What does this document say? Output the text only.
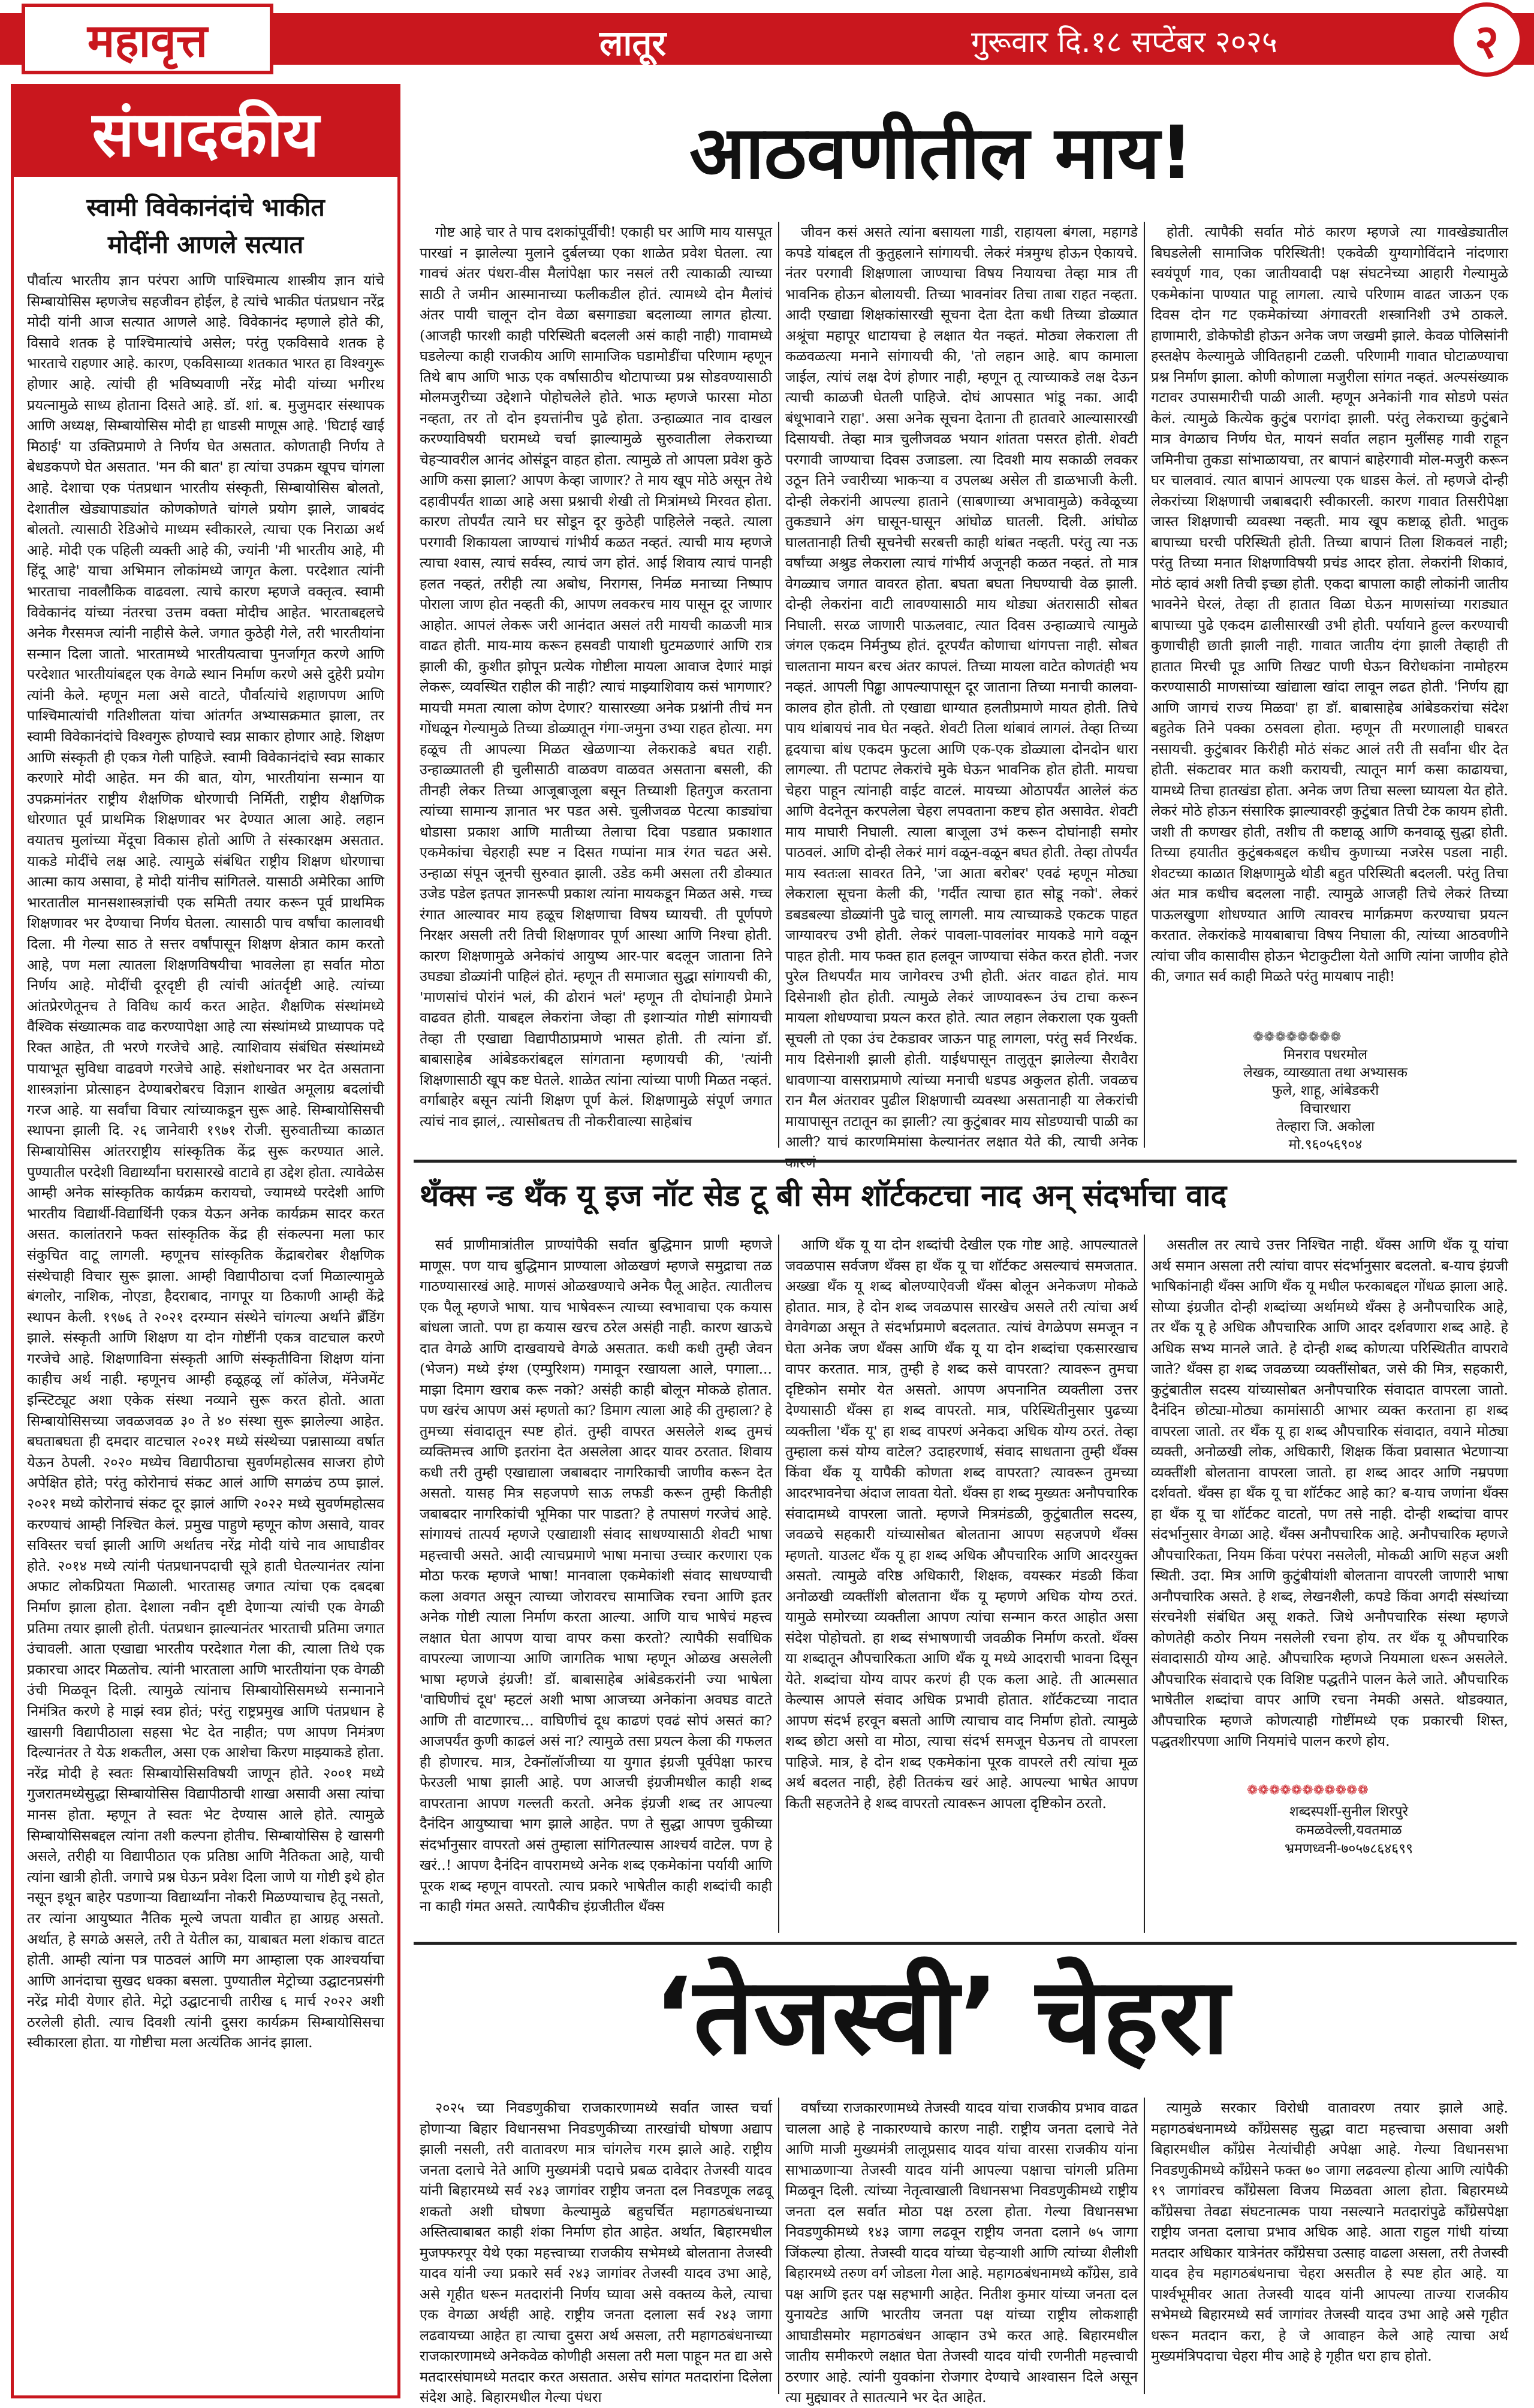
महावृत्त	लातूर	गुरूवार दि.१८ सप्टेंबर २०२५	२
संपादकीय
स्वामी विवेकानंदांचे भाकीत
मोदींनी आणले सत्यात
पौर्वात्य भारतीय ज्ञान परंपरा आणि पाश्चिमात्य शास्त्रीय ज्ञान यांचे सिम्बायोसिस म्हणजेच सहजीवन होईल, हे त्यांचे भाकीत पंतप्रधान नरेंद्र मोदी यांनी आज सत्यात आणले आहे. विवेकानंद म्हणाले होते की, विसावे शतक हे पाश्चिमात्यांचे असेल; परंतु एकविसावे शतक हे भारताचे राहणार आहे. कारण, एकविसाव्या शतकात भारत हा विश्वगुरू होणार आहे. त्यांची ही भविष्यवाणी नरेंद्र मोदी यांच्या भगीरथ प्रयत्नामुळे साध्य होताना दिसते आहे. डॉ. शां. ब. मुजुमदार संस्थापक आणि अध्यक्ष, सिम्बायोसिस मोदी हा धाडसी माणूस आहे. 'घिटाई खाई मिठाई' या उक्तिप्रमाणे ते निर्णय घेत असतात. कोणताही निर्णय ते बेधडकपणे घेत असतात. 'मन की बात' हा त्यांचा उपक्रम खूपच चांगला आहे. देशाचा एक पंतप्रधान भारतीय संस्कृती, सिम्बायोसिस बोलतो, देशातील खेड्यापाड्यांत कोणकोणते चांगले प्रयोग झाले, जाबवंद बोलतो. त्यासाठी रेडिओचे माध्यम स्वीकारले, त्याचा एक निराळा अर्थ आहे. मोदी एक पहिली व्यक्ती आहे की, ज्यांनी 'मी भारतीय आहे, मी हिंदू आहे' याचा अभिमान लोकांमध्ये जागृत केला. परदेशात त्यांनी भारताचा नावलौकिक वाढवला. त्याचे कारण म्हणजे वक्तृत्व. स्वामी विवेकानंद यांच्या नंतरचा उत्तम वक्ता मोदीच आहेत. भारताबद्दलचे अनेक गैरसमज त्यांनी नाहीसे केले. जगात कुठेही गेले, तरी भारतीयांना सन्मान दिला जातो. भारतामध्ये भारतीयत्वाचा पुनर्जागृत करणे आणि परदेशात भारतीयांबद्दल एक वेगळे स्थान निर्माण करणे असे दुहेरी प्रयोग त्यांनी केले. म्हणून मला असे वाटते, पौर्वात्यांचे शहाणपण आणि पाश्चिमात्यांची गतिशीलता यांचा आंतर्गत अभ्यासक्रमात झाला, तर स्वामी विवेकानंदांचे विश्वगुरू होण्याचे स्वप्न साकार होणार आहे. शिक्षण आणि संस्कृती ही एकत्र गेली पाहिजे. स्वामी विवेकानंदांचे स्वप्न साकार करणारे मोदी आहेत. मन की बात, योग, भारतीयांना सन्मान या उपक्रमांनंतर राष्ट्रीय शैक्षणिक धोरणाची निर्मिती, राष्ट्रीय शैक्षणिक धोरणात पूर्व प्राथमिक शिक्षणावर भर देण्यात आला आहे. लहान वयातच मुलांच्या मेंदूचा विकास होतो आणि ते संस्कारक्षम असतात. याकडे मोदींचे लक्ष आहे. त्यामुळे संबंधित राष्ट्रीय शिक्षण धोरणाचा आत्मा काय असावा, हे मोदी यांनीच सांगितले. यासाठी अमेरिका आणि भारतातील मानसशास्त्रज्ञांची एक समिती तयार करून पूर्व प्राथमिक शिक्षणावर भर देण्याचा निर्णय घेतला. त्यासाठी पाच वर्षांचा कालावधी दिला. मी गेल्या साठ ते सत्तर वर्षांपासून शिक्षण क्षेत्रात काम करतो आहे, पण मला त्यातला शिक्षणविषयीचा भावलेला हा सर्वात मोठा निर्णय आहे. मोदींची दूरदृष्टी ही त्यांची आंतर्दृष्टी आहे. त्यांच्या आंतप्रेरणेतूनच ते विविध कार्य करत आहेत. शैक्षणिक संस्थांमध्ये वैश्विक संख्यात्मक वाढ करण्यापेक्षा आहे त्या संस्थांमध्ये प्राध्यापक पदे रिक्त आहेत, ती भरणे गरजेचे आहे. त्याशिवाय संबंधित संस्थांमध्ये पायाभूत सुविधा वाढवणे गरजेचे आहे. संशोधनावर भर देत असताना शास्त्रज्ञांना प्रोत्साहन देण्याबरोबरच विज्ञान शाखेत अमूलाग्र बदलांची गरज आहे. या सर्वांचा विचार त्यांच्याकडून सुरू आहे. सिम्बायोसिसची स्थापना झाली दि. २६ जानेवारी १९७१ रोजी. सुरुवातीच्या काळात सिम्बायोसिस आंतरराष्ट्रीय सांस्कृतिक केंद्र सुरू करण्यात आले. पुण्यातील परदेशी विद्यार्थ्यांना घरासारखे वाटावे हा उद्देश होता. त्यावेळेस आम्ही अनेक सांस्कृतिक कार्यक्रम करायचो, ज्यामध्ये परदेशी आणि भारतीय विद्यार्थी-विद्यार्थिनी एकत्र येऊन अनेक कार्यक्रम सादर करत असत. कालांतराने फक्त सांस्कृतिक केंद्र ही संकल्पना मला फार संकुचित वाटू लागली. म्हणूनच सांस्कृतिक केंद्राबरोबर शैक्षणिक संस्थेचाही विचार सुरू झाला. आम्ही विद्यापीठाचा दर्जा मिळाल्यामुळे बंगलोर, नाशिक, नोएडा, हैदराबाद, नागपूर या ठिकाणी आम्ही केंद्रे स्थापन केली. १९७६ ते २०२१ दरम्यान संस्थेने चांगल्या अर्थाने ब्रँडिंग झाले. संस्कृती आणि शिक्षण या दोन गोष्टींनी एकत्र वाटचाल करणे गरजेचे आहे. शिक्षणाविना संस्कृती आणि संस्कृतीविना शिक्षण यांना काहीच अर्थ नाही. म्हणूनच आम्ही हळूहळू लॉ कॉलेज, मॅनेजमेंट इन्स्टिट्यूट अशा एकेक संस्था नव्याने सुरू करत होतो. आता सिम्बायोसिसच्या जवळजवळ ३० ते ४० संस्था सुरू झालेल्या आहेत. बघताबघता ही दमदार वाटचाल २०२१ मध्ये संस्थेच्या पन्नासाव्या वर्षात येऊन ठेपली. २०२० मध्येच विद्यापीठाचा सुवर्णमहोत्सव साजरा होणे अपेक्षित होते; परंतु कोरोनाचं संकट आलं आणि सगळंच ठप्प झालं. २०२१ मध्ये कोरोनाचं संकट दूर झालं आणि २०२२ मध्ये सुवर्णमहोत्सव करण्याचं आम्ही निश्चित केलं. प्रमुख पाहुणे म्हणून कोण असावे, यावर सविस्तर चर्चा झाली आणि अर्थातच नरेंद्र मोदी यांचे नाव आघाडीवर होते. २०१४ मध्ये त्यांनी पंतप्रधानपदाची सूत्रे हाती घेतल्यानंतर त्यांना अफाट लोकप्रियता मिळाली. भारतासह जगात त्यांचा एक दबदबा निर्माण झाला होता. देशाला नवीन दृष्टी देणाऱ्या त्यांची एक वेगळी प्रतिमा तयार झाली होती. पंतप्रधान झाल्यानंतर भारताची प्रतिमा जगात उंचावली. आता एखाद्या भारतीय परदेशात गेला की, त्याला तिथे एक प्रकारचा आदर मिळतोच. त्यांनी भारताला आणि भारतीयांना एक वेगळी उंची मिळवून दिली. त्यामुळे त्यांनाच सिम्बायोसिसमध्ये सन्मानाने निमंत्रित करणे हे माझं स्वप्न होतं; परंतु राष्ट्रप्रमुख आणि पंतप्रधान हे खासगी विद्यापीठाला सहसा भेट देत नाहीत; पण आपण निमंत्रण दिल्यानंतर ते येऊ शकतील, असा एक आशेचा किरण माझ्याकडे होता. नरेंद्र मोदी हे स्वतः सिम्बायोसिसविषयी जाणून होते. २००१ मध्ये गुजरातमध्येसुद्धा सिम्बायोसिस विद्यापीठाची शाखा असावी असा त्यांचा मानस होता. म्हणून ते स्वतः भेट देण्यास आले होते. त्यामुळे सिम्बायोसिसबद्दल त्यांना तशी कल्पना होतीच. सिम्बायोसिस हे खासगी असले, तरीही या विद्यापीठात एक प्रतिष्ठा आणि नैतिकता आहे, याची त्यांना खात्री होती. जगाचे प्रश्न घेऊन प्रवेश दिला जाणे या गोष्टी इथे होत नसून इथून बाहेर पडणाऱ्या विद्यार्थ्यांना नोकरी मिळण्याचाच हेतू नसतो, तर त्यांना आयुष्यात नैतिक मूल्ये जपता यावीत हा आग्रह असतो. अर्थात, हे सगळे असले, तरी ते येतील का, याबाबत मला शंकाच वाटत होती. आम्ही त्यांना पत्र पाठवलं आणि मग आम्हाला एक आश्चर्याचा आणि आनंदाचा सुखद धक्का बसला. पुण्यातील मेट्रोच्या उद्घाटनप्रसंगी नरेंद्र मोदी येणार होते. मेट्रो उद्घाटनाची तारीख ६ मार्च २०२२ अशी ठरलेली होती. त्याच दिवशी त्यांनी दुसरा कार्यक्रम सिम्बायोसिसचा स्वीकारला होता. या गोष्टीचा मला अत्यंतिक आनंद झाला.
आठवणीतील माय!

गोष्ट आहे चार ते पाच दशकांपूर्वीची! एकाही घर आणि माय यासपूत पारखां न झालेल्या मुलाने दुर्बलच्या एका शाळेत प्रवेश घेतला. त्या गावचं अंतर पंधरा-वीस मैलांपेक्षा फार नसलं तरी त्याकाळी त्याच्या साठी ते जमीन आस्मानाच्या फलीकडील होतं. त्यामध्ये दोन मैलांचं अंतर पायी चालून दोन वेळा बसगाड्या बदलाव्या लागत होत्या. (आजही फारशी काही परिस्थिती बदलली असं काही नाही) गावामध्ये घडलेल्या काही राजकीय आणि सामाजिक घडामोडींचा परिणाम म्हणून तिथे बाप आणि भाऊ एक वर्षासाठीच थोटापाच्या प्रश्न सोडवण्यासाठी मोलमजुरीच्या उद्देशाने पोहोचलेले होते. भाऊ म्हणजे फारसा मोठा नव्हता, तर तो दोन इयत्तांनीच पुढे होता. उन्हाळ्यात नाव दाखल करण्याविषयी घरामध्ये चर्चा झाल्यामुळे सुरुवातीला लेकराच्या चेहऱ्यावरील आनंद ओसंडून वाहत होता. त्यामुळे तो आपला प्रवेश कुठे आणि कसा झाला? आपण केव्हा जाणार? ते माय खूप मोठे असून तेथे दहावीपर्यंत शाळा आहे असा प्रश्नाची शेखी तो मित्रांमध्ये मिरवत होता. कारण तोपर्यंत त्याने घर सोडून दूर कुठेही पाहिलेले नव्हते. त्याला परगावी शिकायला जाण्याचं गांभीर्य कळत नव्हतं. त्याची माय म्हणजे त्याचा श्वास, त्याचं सर्वस्व, त्याचं जग होतं. आई शिवाय त्याचं पानही हलत नव्हतं, तरीही त्या अबोध, निरागस, निर्मळ मनाच्या निष्पाप पोराला जाण होत नव्हती की, आपण लवकरच माय पासून दूर जाणार आहोत. आपलं लेकरू जरी आनंदात असलं तरी मायची काळजी मात्र वाढत होती. माय-माय करून हसवडी पायाशी घुटमळणारं आणि रात्र झाली की, कुशीत झोपून प्रत्येक गोष्टीला मायला आवाज देणारं माझं लेकरू, व्यवस्थित राहील की नाही? त्याचं माझ्याशिवाय कसं भागणार? मायची ममता त्याला कोण देणार? यासारख्या अनेक प्रश्नांनी तीचं मन गोंधळून गेल्यामुळे तिच्या डोळ्यातून गंगा-जमुना उभ्या राहत होत्या. मग हळूच ती आपल्या मिळत खेळणाऱ्या लेकराकडे बघत राही. उन्हाळ्यातली ही चुलीसाठी वाळवण वाळवत असताना बसली, की तीनही लेकर तिच्या आजूबाजूला बसून तिच्याशी हितगुज करताना त्यांच्या सामान्य ज्ञानात भर पडत असे. चुलीजवळ पेटत्या काड्यांचा धोडासा प्रकाश आणि मातीच्या तेलाचा दिवा पडद्यात प्रकाशात एकमेकांचा चेहराही स्पष्ट न दिसत गप्पांना मात्र रंगत चढत असे. उन्हाळा संपून जूनची सुरुवात झाली. उडेड कमी असला तरी डोक्यात उजेड पडेल इतपत ज्ञानरूपी प्रकाश त्यांना मायकडून मिळत असे. गच्च रंगात आल्यावर माय हळूच शिक्षणाचा विषय घ्यायची. ती पूर्णपणे निरक्षर असली तरी तिची शिक्षणावर पूर्ण आस्था आणि निश्चा होती. कारण शिक्षणामुळे अनेकांचं आयुष्य आर-पार बदलून जाताना तिने उघड्या डोळ्यांनी पाहिलं होतं. म्हणून ती समाजात सुद्धा सांगायची की, 'माणसांचं पोरांनं भलं, की ढोरानं भलं' म्हणून ती दोघांनाही प्रेमाने वाढवत होती. याबद्दल लेकरांना जेव्हा ती इशाऱ्यांत गोष्टी सांगायची तेव्हा ती एखाद्या विद्यापीठाप्रमाणे भासत होती. ती त्यांना डॉ. बाबासाहेब आंबेडकरांबद्दल सांगताना म्हणायची की, 'त्यांनी शिक्षणासाठी खूप कष्ट घेतले. शाळेत त्यांना त्यांच्या पाणी मिळत नव्हतं. वर्गाबाहेर बसून त्यांनी शिक्षण पूर्ण केलं. शिक्षणामुळे संपूर्ण जगात त्यांचं नाव झालं,. त्यासोबतच ती नोकरीवाल्या साहेबांच

जीवन कसं असते त्यांना बसायला गाडी, राहायला बंगला, महागडे कपडे यांबद्दल ती कुतुहलाने सांगायची. लेकरं मंत्रमुग्ध होऊन ऐकायचे. नंतर परगावी शिक्षणाला जाण्याचा विषय नियायचा तेव्हा मात्र ती भावनिक होऊन बोलायची. तिच्या भावनांवर तिचा ताबा राहत नव्हता. आदी एखाद्या शिक्षकांसारखी सूचना देता देता कधी तिच्या डोळ्यात अश्रूंचा महापूर धाटायचा हे लक्षात येत नव्हतं. मोठ्या लेकराला ती कळवळत्या मनाने सांगायची की, 'तो लहान आहे. बाप कामाला जाईल, त्यांचं लक्ष देणं होणार नाही, म्हणून तू त्याच्याकडे लक्ष देऊन त्याची काळजी घेतली पाहिजे. दोघं आपसात भांडू नका. आदी बंधूभावाने राहा'. असा अनेक सूचना देताना ती हातवारे आल्यासारखी दिसायची. तेव्हा मात्र चुलीजवळ भयान शांतता पसरत होती. शेवटी परगावी जाण्याचा दिवस उजाडला. त्या दिवशी माय सकाळी लवकर उठून तिने ज्वारीच्या भाकऱ्या व उपलब्ध असेल ती डाळभाजी केली. दोन्ही लेकरांनी आपल्या हाताने (साबणाच्या अभावामुळे) कवेळूच्या तुकड्याने अंग घासून-घासून आंघोळ घातली. दिली. आंघोळ घालतानाही तिची सूचनेची सरबत्ती काही थांबत नव्हती. परंतु त्या नऊ वर्षांच्या अश्रुड लेकराला त्याचं गांभीर्य अजूनही कळत नव्हतं. तो मात्र वेगळ्याच जगात वावरत होता. बघता बघता निघण्याची वेळ झाली. दोन्ही लेकरांना वाटी लावण्यासाठी माय थोड्या अंतरासाठी सोबत निघाली. सरळ जाणारी पाऊलवाट, त्यात दिवस उन्हाळ्याचे त्यामुळे जंगल एकदम निर्मनुष्य होतं. दूरपर्यंत कोणाचा थांगपत्ता नाही. सोबत चालताना मायन बरच अंतर कापलं. तिच्या मायला वाटेत कोणतंही भय नव्हतं. आपली पिढ्ढा आपल्यापासून दूर जाताना तिच्या मनाची कालवा-कालव होत होती. तो एखाद्या धाग्यात हलतीप्रमाणे मायत होती. तिचे पाय थांबायचं नाव घेत नव्हते. शेवटी तिला थांबावं लागलं. तेव्हा तिच्या हृदयाचा बांध एकदम फुटला आणि एक-एक डोळ्याला दोनदोन धारा लागल्या. ती पटापट लेकरांचे मुके घेऊन भावनिक होत होती. मायचा चेहरा पाहून त्यांनाही वाईट वाटलं. मायच्या ओठापर्यंत आलेलं कंठ आणि वेदनेतून करपलेला चेहरा लपवताना कष्टच होत असावेत. शेवटी माय माघारी निघाली. त्याला बाजूला उभं करून दोघांनाही समोर पाठवलं. आणि दोन्ही लेकरं मागं वळून-वळून बघत होती. तेव्हा तोपर्यंत माय स्वतःला सावरत तिने, 'जा आता बरोबर' एवढं म्हणून मोठ्या लेकराला सूचना केली की, 'गर्दीत त्याचा हात सोडू नको'. लेकरं डबडबल्या डोळ्यांनी पुढे चालू लागली. माय त्याच्याकडे एकटक पाहत जाग्यावरच उभी होती. लेकरं पावला-पावलांवर मायकडे मागे वळून पाहत होती. माय फक्त हात हलवून जाण्याचा संकेत करत होती. नजर पुरेल तिथपर्यंत माय जागेवरच उभी होती. अंतर वाढत होतं. माय दिसेनाशी होत होती. त्यामुळे लेकरं जाण्यावरून उंच टाचा करून मायला शोधण्याचा प्रयत्न करत होते. त्यात लहान लेकराला एक युक्ती सूचली तो एका उंच टेकडावर जाऊन पाहू लागला, परंतु सर्व निरर्थक. माय दिसेनाशी झाली होती. याईधपासून तालुतून झालेल्या सैरावैरा धावणाऱ्या वासराप्रमाणे त्यांच्या मनाची धडपड अकुलत होती. जवळच रान मैल अंतरावर पुढील शिक्षणाची व्यवस्था असतानाही या लेकरांची मायापासून तटातून का झाली? त्या कुटुंबावर माय सोडण्याची पाळी का आली? याचं कारणमिमांसा केल्यानंतर लक्षात येते की, त्याची अनेक

होती. त्यापैकी सर्वात मोठं कारण म्हणजे त्या गावखेड्यातील बिघडलेली सामाजिक परिस्थिती! एकवेळी युग्यागोविंदाने नांदणारा स्वयंपूर्ण गाव, एका जातीयवादी पक्ष संघटनेच्या आहारी गेल्यामुळे एकमेकांना पाण्यात पाहू लागला. त्याचे परिणाम वाढत जाऊन एक दिवस दोन गट एकमेकांच्या अंगावरती शस्त्रानिशी उभे ठाकले. हाणामारी, डोकेफोडी होऊन अनेक जण जखमी झाले. केवळ पोलिसांनी हस्तक्षेप केल्यामुळे जीवितहानी टळली. परिणामी गावात घोटाळण्याचा प्रश्न निर्माण झाला. कोणी कोणाला मजुरीला सांगत नव्हतं. अल्पसंख्याक गटावर उपासमारीची पाळी आली. म्हणून अनेकांनी गाव सोडणे पसंत केलं. त्यामुळे कित्येक कुटुंब परागंदा झाली. परंतु लेकराच्या कुटुंबाने मात्र वेगळाच निर्णय घेत, मायनं सर्वात लहान मुलींसह गावी राहून जमिनीचा तुकडा सांभाळायचा, तर बापानं बाहेरगावी मोल-मजुरी करून घर चालवावं. त्यात बापानं आपल्या एक धाडस केलं. तो म्हणजे दोन्ही लेकरांच्या शिक्षणाची जबाबदारी स्वीकारली. कारण गावात तिसरीपेक्षा जास्त शिक्षणाची व्यवस्था नव्हती. माय खूप कष्टाळू होती. भातुक बापाच्या घरची परिस्थिती होती. तिच्या बापानं तिला शिकवलं नाही; परंतु तिच्या मनात शिक्षणाविषयी प्रचंड आदर होता. लेकरांनी शिकावं, मोठं व्हावं अशी तिची इच्छा होती. एकदा बापाला काही लोकांनी जातीय भावनेने घेरलं, तेव्हा ती हातात विळा घेऊन माणसांच्या गराड्यात बापाच्या पुढे एकदम ढालीसारखी उभी होती. पर्यायाने हुल्ल करण्याची कुणाचीही छाती झाली नाही. गावात जातीय दंगा झाली तेव्हाही ती हातात मिरची पूड आणि तिखट पाणी घेऊन विरोधकांना नामोहरम करण्यासाठी माणसांच्या खांद्याला खांदा लावून लढत होती. 'निर्णय ह्या आणि जागचं राज्य मिळवा' हा डॉ. बाबासाहेब आंबेडकरांचा संदेश बहुतेक तिने पक्का ठसवला होता. म्हणून ती मरणालाही घाबरत नसायची. कुटुंबावर किरीही मोठं संकट आलं तरी ती सर्वांना धीर देत होती. संकटावर मात कशी करायची, त्यातून मार्ग कसा काढायचा, यामध्ये तिचा हातखंडा होता. अनेक जण तिचा सल्ला घ्यायला येत होते. लेकरं मोठे होऊन संसारिक झाल्यावरही कुटुंबात तिची टेक कायम होती. जशी ती कणखर होती, तशीच ती कष्टाळू आणि कनवाळू सुद्धा होती. तिच्या हयातीत कुटुंबकबद्दल कधीच कुणाच्या नजरेस पडला नाही. शेवटच्या काळात शिक्षणामुळे थोडी बहुत परिस्थिती बदलली. परंतु तिचा अंत मात्र कधीच बदलला नाही. त्यामुळे आजही तिचे लेकरं तिच्या पाऊलखुणा शोधण्यात आणि त्यावरच मार्गक्रमण करण्याचा प्रयत्न करतात. लेकरांकडे मायबाबाचा विषय निघाला की, त्यांच्या आठवणीने त्यांचा जीव कासावीस होऊन भेटाकुटीला येतो आणि त्यांना जाणीव होते की, जगात सर्व काही मिळते परंतु मायबाप नाही!

❁❁❁❁❁❁❁❁
मिनराव पधरमोल
लेखक, व्याख्याता तथा अभ्यासक
फुले, शाहू, आंबेडकरी
विचारधारा
तेल्हारा जि. अकोला
मो.९६०५६९०४
थँक्स न्ड थँक यू इज नॉट सेड टू बी सेम शॉर्टकटचा नाद अन् संदर्भाचा वाद

सर्व प्राणीमात्रांतील प्राण्यांपैकी सर्वात बुद्धिमान प्राणी म्हणजे माणूस. पण याच बुद्धिमान प्राण्याला ओळखणं म्हणजे समुद्राचा तळ गाठण्यासारखं आहे. माणसं ओळखण्याचे अनेक पैलू आहेत. त्यातीलच एक पैलू म्हणजे भाषा. याच भाषेवरून त्याच्या स्वभावाचा एक कयास बांधला जातो. पण हा कयास खरच ठरेल असंही नाही. कारण खाऊचे दात वेगळे आणि दाखवायचे वेगळे असतात. कधी कधी तुम्ही जेवन (भेजन) मध्ये इंग्श (एम्पुरिशम) गमावून रखायला आले, पगाला... माझा दिमाग खराब करू नको? असंही काही बोलून मोकळे होतात. पण खरंच आपण असं म्हणतो का? डिमाग त्याला आहे की तुम्हाला? हे तुमच्या संवादातून स्पष्ट होतं. तुम्ही वापरत असलेले शब्द तुमचं व्यक्तिमत्त्व आणि इतरांना देत असलेला आदर यावर ठरतात. शिवाय कधी तरी तुम्ही एखाद्याला जबाबदार नागरिकाची जाणीव करून देत असतो. यासह मित्र सहजपणे साऊ लफडी करून तुम्ही कितीही जबाबदार नागरिकांची भूमिका पार पाडता? हे तपासणं गरजेचं आहे. सांगायचं तात्पर्य म्हणजे एखाद्याशी संवाद साधण्यासाठी शेवटी भाषा महत्त्वाची असते. आदी त्याचप्रमाणे भाषा मनाचा उच्चार करणारा एक मोठा फरक म्हणजे भाषा! मानवाला एकमेकांशी संवाद साधण्याची कला अवगत असून त्याच्या जोरावरच सामाजिक रचना आणि इतर अनेक गोष्टी त्याला निर्माण करता आल्या. आणि याच भाषेचं महत्त्व लक्षात घेता आपण याचा वापर कसा करतो? त्यापैकी सर्वाधिक वापरल्या जाणाऱ्या आणि जागतिक भाषा म्हणून ओळख असलेली भाषा म्हणजे इंग्रजी! डॉ. बाबासाहेब आंबेडकरांनी ज्या भाषेला 'वाघिणीचं दूध' म्हटलं अशी भाषा आजच्या अनेकांना अवघड वाटते आणि ती वाटणारच... वाघिणीचं दूध काढणं एवढं सोपं असतं का? आजपर्यंत कुणी काढलं असं ना? त्यामुळे तसा प्रयत्न केला की गफलत ही होणारच. मात्र, टेक्नॉलॉजीच्या या युगात इंग्रजी पूर्वपेक्षा फारच फेरउली भाषा झाली आहे. पण आजची इंग्रजीमधील काही शब्द वापरताना आपण गल्लती करतो. अनेक इंग्रजी शब्द तर आपल्या दैनंदिन आयुष्याचा भाग झाले आहेत. पण ते सुद्धा आपण चुकीच्या संदर्भानुसार वापरतो असं तुम्हाला सांगितल्यास आश्चर्य वाटेल. पण हे खरं..! आपण दैनंदिन वापरामध्ये अनेक शब्द एकमेकांना पर्यायी आणि पूरक शब्द म्हणून वापरतो. त्याच प्रकारे भाषेतील काही शब्दांची काही ना काही गंमत असते. त्यापैकीच इंग्रजीतील थँक्स

आणि थँक यू या दोन शब्दांची देखील एक गोष्ट आहे. आपल्यातले जवळपास सर्वजण थँक्स हा थँक यू चा शॉर्टकट असल्याचं समजतात. अख्खा थँक यू शब्द बोलण्याऐवजी थँक्स बोलून अनेकजण मोकळे होतात. मात्र, हे दोन शब्द जवळपास सारखेच असले तरी त्यांचा अर्थ वेगवेगळा असून ते संदर्भाप्रमाणे बदलतात. त्यांचं वेगळेपण समजून न घेता अनेक जण थँक्स आणि थँक यू या दोन शब्दांचा एकसारखाच वापर करतात. मात्र, तुम्ही हे शब्द कसे वापरता? त्यावरून तुमचा दृष्टिकोन समोर येत असतो. आपण अपनानित व्यक्तीला उत्तर देण्यासाठी थँक्स हा शब्द वापरतो. मात्र, परिस्थितीनुसार पुढच्या व्यक्तीला 'थँक यू' हा शब्द वापरणं अनेकदा अधिक योग्य ठरतं. तेव्हा तुम्हाला कसं योग्य वाटेल? उदाहरणार्थ, संवाद साधताना तुम्ही थँक्स किंवा थँक यू यापैकी कोणता शब्द वापरता? त्यावरून तुमच्या आदरभावनेचा अंदाज लावता येतो. थँक्स हा शब्द मुख्यतः अनौपचारिक संवादामध्ये वापरला जातो. म्हणजे मित्रमंडळी, कुटुंबातील सदस्य, जवळचे सहकारी यांच्यासोबत बोलताना आपण सहजपणे थँक्स म्हणतो. याउलट थँक यू हा शब्द अधिक औपचारिक आणि आदरयुक्त असतो. त्यामुळे वरिष्ठ अधिकारी, शिक्षक, वयस्कर मंडळी किंवा अनोळखी व्यक्तींशी बोलताना थँक यू म्हणणे अधिक योग्य ठरतं. यामुळे समोरच्या व्यक्तीला आपण त्यांचा सन्मान करत आहोत असा संदेश पोहोचतो. हा शब्द संभाषणाची जवळीक निर्माण करतो. थँक्स या शब्दातून औपचारिकता आणि थँक यू मध्ये आदराची भावना दिसून येते. शब्दांचा योग्य वापर करणं ही एक कला आहे. ती आत्मसात केल्यास आपले संवाद अधिक प्रभावी होतात. शॉर्टकटच्या नादात आपण संदर्भ हरवून बसतो आणि त्याचाच वाद निर्माण होतो. त्यामुळे शब्द छोटा असो वा मोठा, त्याचा संदर्भ समजून घेऊनच तो वापरला पाहिजे. मात्र, हे दोन शब्द एकमेकांना पूरक वापरले तरी त्यांचा मूळ अर्थ बदलत नाही, हेही तितकंच खरं आहे. आपल्या भाषेत आपण किती सहजतेने हे शब्द वापरतो त्यावरून आपला दृष्टिकोन ठरतो.

असतील तर त्याचे उत्तर निश्चित नाही. थँक्स आणि थँक यू यांचा अर्थ समान असला तरी त्यांचा वापर संदर्भानुसार बदलतो. ब-याच इंग्रजी भाषिकांनाही थँक्स आणि थँक यू मधील फरकाबद्दल गोंधळ झाला आहे. सोप्या इंग्रजीत दोन्ही शब्दांच्या अर्थामध्ये थँक्स हे अनौपचारिक आहे, तर थँक यू हे अधिक औपचारिक आणि आदर दर्शवणारा शब्द आहे. हे अधिक सभ्य मानले जाते. हे दोन्ही शब्द कोणत्या परिस्थितीत वापरावे जाते? थँक्स हा शब्द जवळच्या व्यक्तींसोबत, जसे की मित्र, सहकारी, कुटुंबातील सदस्य यांच्यासोबत अनौपचारिक संवादात वापरला जातो. दैनंदिन छोट्या-मोठ्या कामांसाठी आभार व्यक्त करताना हा शब्द वापरला जातो. तर थँक यू हा शब्द औपचारिक संवादात, वयाने मोठ्या व्यक्ती, अनोळखी लोक, अधिकारी, शिक्षक किंवा प्रवासात भेटणाऱ्या व्यक्तींशी बोलताना वापरला जातो. हा शब्द आदर आणि नम्रपणा दर्शवतो. थँक्स हा थँक यू चा शॉर्टकट आहे का? ब-याच जणांना थँक्स हा थँक यू चा शॉर्टकट वाटतो, पण तसे नाही. दोन्ही शब्दांचा वापर संदर्भानुसार वेगळा आहे. थँक्स अनौपचारिक आहे. अनौपचारिक म्हणजे औपचारिकता, नियम किंवा परंपरा नसलेली, मोकळी आणि सहज अशी स्थिती. उदा. मित्र आणि कुटुंबीयांशी बोलताना वापरली जाणारी भाषा अनौपचारिक असते. हे शब्द, लेखनशैली, कपडे किंवा अगदी संस्थांच्या संरचनेशी संबंधित असू शकते. जिथे अनौपचारिक संस्था म्हणजे कोणतेही कठोर नियम नसलेली रचना होय. तर थँक यू औपचारिक संवादासाठी योग्य आहे. औपचारिक म्हणजे नियमाला धरून असलेले. औपचारिक संवादाचे एक विशिष्ट पद्धतीने पालन केले जाते. औपचारिक भाषेतील शब्दांचा वापर आणि रचना नेमकी असते. थोडक्यात, औपचारिक म्हणजे कोणत्याही गोष्टींमध्ये एक प्रकारची शिस्त, पद्धतशीरपणा आणि नियमांचे पालन करणे होय.

❁❁❁❁❁❁❁❁❁❁❁
शब्दस्पर्शी-सुनील शिरपुरे
कमळवेल्ली,यवतमाळ
भ्रमणध्वनी-७०५७८६४६९९
‘तेजस्वी’ चेहरा

२०२५ च्या निवडणुकीचा राजकारणामध्ये सर्वात जास्त चर्चा होणाऱ्या बिहार विधानसभा निवडणुकीच्या तारखांची घोषणा अद्याप झाली नसली, तरी वातावरण मात्र चांगलेच गरम झाले आहे. राष्ट्रीय जनता दलाचे नेते आणि मुख्यमंत्री पदाचे प्रबळ दावेदार तेजस्वी यादव यांनी बिहारमध्ये सर्व २४३ जागांवर राष्ट्रीय जनता दल निवडणूक लढवू शकतो अशी घोषणा केल्यामुळे बहुचर्चित महागठबंधनाच्या अस्तित्वाबाबत काही शंका निर्माण होत आहेत. अर्थात, बिहारमधील मुजफ्फरपूर येथे एका महत्त्वाच्या राजकीय सभेमध्ये बोलताना तेजस्वी यादव यांनी ज्या प्रकारे सर्व २४३ जागांवर तेजस्वी यादव उभा आहे, असे गृहीत धरून मतदारांनी निर्णय घ्यावा असे वक्तव्य केले, त्याचा एक वेगळा अर्थही आहे. राष्ट्रीय जनता दलाला सर्व २४३ जागा लढवायच्या आहेत हा त्याचा दुसरा अर्थ असला, तरी महागठबंधनाच्या राजकारणामध्ये अनेकवेळ कोणीही असला तरी मला पाहून मत द्या असे मतदारसंघामध्ये मतदार करत असतात. असेच सांगत मतदारांना दिलेला संदेश आहे. बिहारमधील गेल्या पंधरा

वर्षांच्या राजकारणामध्ये तेजस्वी यादव यांचा राजकीय प्रभाव वाढत चालला आहे हे नाकारण्याचे कारण नाही. राष्ट्रीय जनता दलाचे नेते आणि माजी मुख्यमंत्री लालूप्रसाद यादव यांचा वारसा राजकीय यांना साभाळणाऱ्या तेजस्वी यादव यांनी आपल्या पक्षाचा चांगली प्रतिमा मिळवून दिली. त्यांच्या नेतृत्वाखाली विधानसभा निवडणुकीमध्ये राष्ट्रीय जनता दल सर्वात मोठा पक्ष ठरला होता. गेल्या विधानसभा निवडणुकीमध्ये १४३ जागा लढवून राष्ट्रीय जनता दलाने ७५ जागा जिंकल्या होत्या. तेजस्वी यादव यांच्या चेहऱ्याशी आणि त्यांच्या शैलीशी बिहारमध्ये तरुण वर्ग जोडला गेला आहे. महागठबंधनामध्ये काँग्रेस, डावे पक्ष आणि इतर पक्ष सहभागी आहेत. नितीश कुमार यांच्या जनता दल युनायटेड आणि भारतीय जनता पक्ष यांच्या राष्ट्रीय लोकशाही आघाडीसमोर महागठबंधन आव्हान उभे करत आहे. बिहारमधील जातीय समीकरणे लक्षात घेता तेजस्वी यादव यांची रणनीती महत्त्वाची ठरणार आहे. त्यांनी युवकांना रोजगार देण्याचे आश्वासन दिले असून त्या मुद्द्यावर ते सातत्याने भर देत आहेत.

त्यामुळे सरकार विरोधी वातावरण तयार झाले आहे. महागठबंधनामध्ये काँग्रेससह सुद्धा वाटा महत्त्वाचा असावा अशी बिहारमधील काँग्रेस नेत्यांचीही अपेक्षा आहे. गेल्या विधानसभा निवडणुकीमध्ये काँग्रेसने फक्त ७० जागा लढवल्या होत्या आणि त्यांपैकी १९ जागांवरच काँग्रेसला विजय मिळवता आला होता. बिहारमध्ये काँग्रेसचा तेवढा संघटनात्मक पाया नसल्याने मतदारांपुढे काँग्रेसपेक्षा राष्ट्रीय जनता दलाचा प्रभाव अधिक आहे. आता राहुल गांधी यांच्या मतदार अधिकार यात्रेनंतर काँग्रेसचा उत्साह वाढला असला, तरी तेजस्वी यादव हेच महागठबंधनाचा चेहरा असतील हे स्पष्ट होत आहे. या पार्श्वभूमीवर आता तेजस्वी यादव यांनी आपल्या ताज्या राजकीय सभेमध्ये बिहारमध्ये सर्व जागांवर तेजस्वी यादव उभा आहे असे गृहीत धरून मतदान करा, हे जे आवाहन केले आहे त्याचा अर्थ मुख्यमंत्रिपदाचा चेहरा मीच आहे हे गृहीत धरा हाच होतो.
